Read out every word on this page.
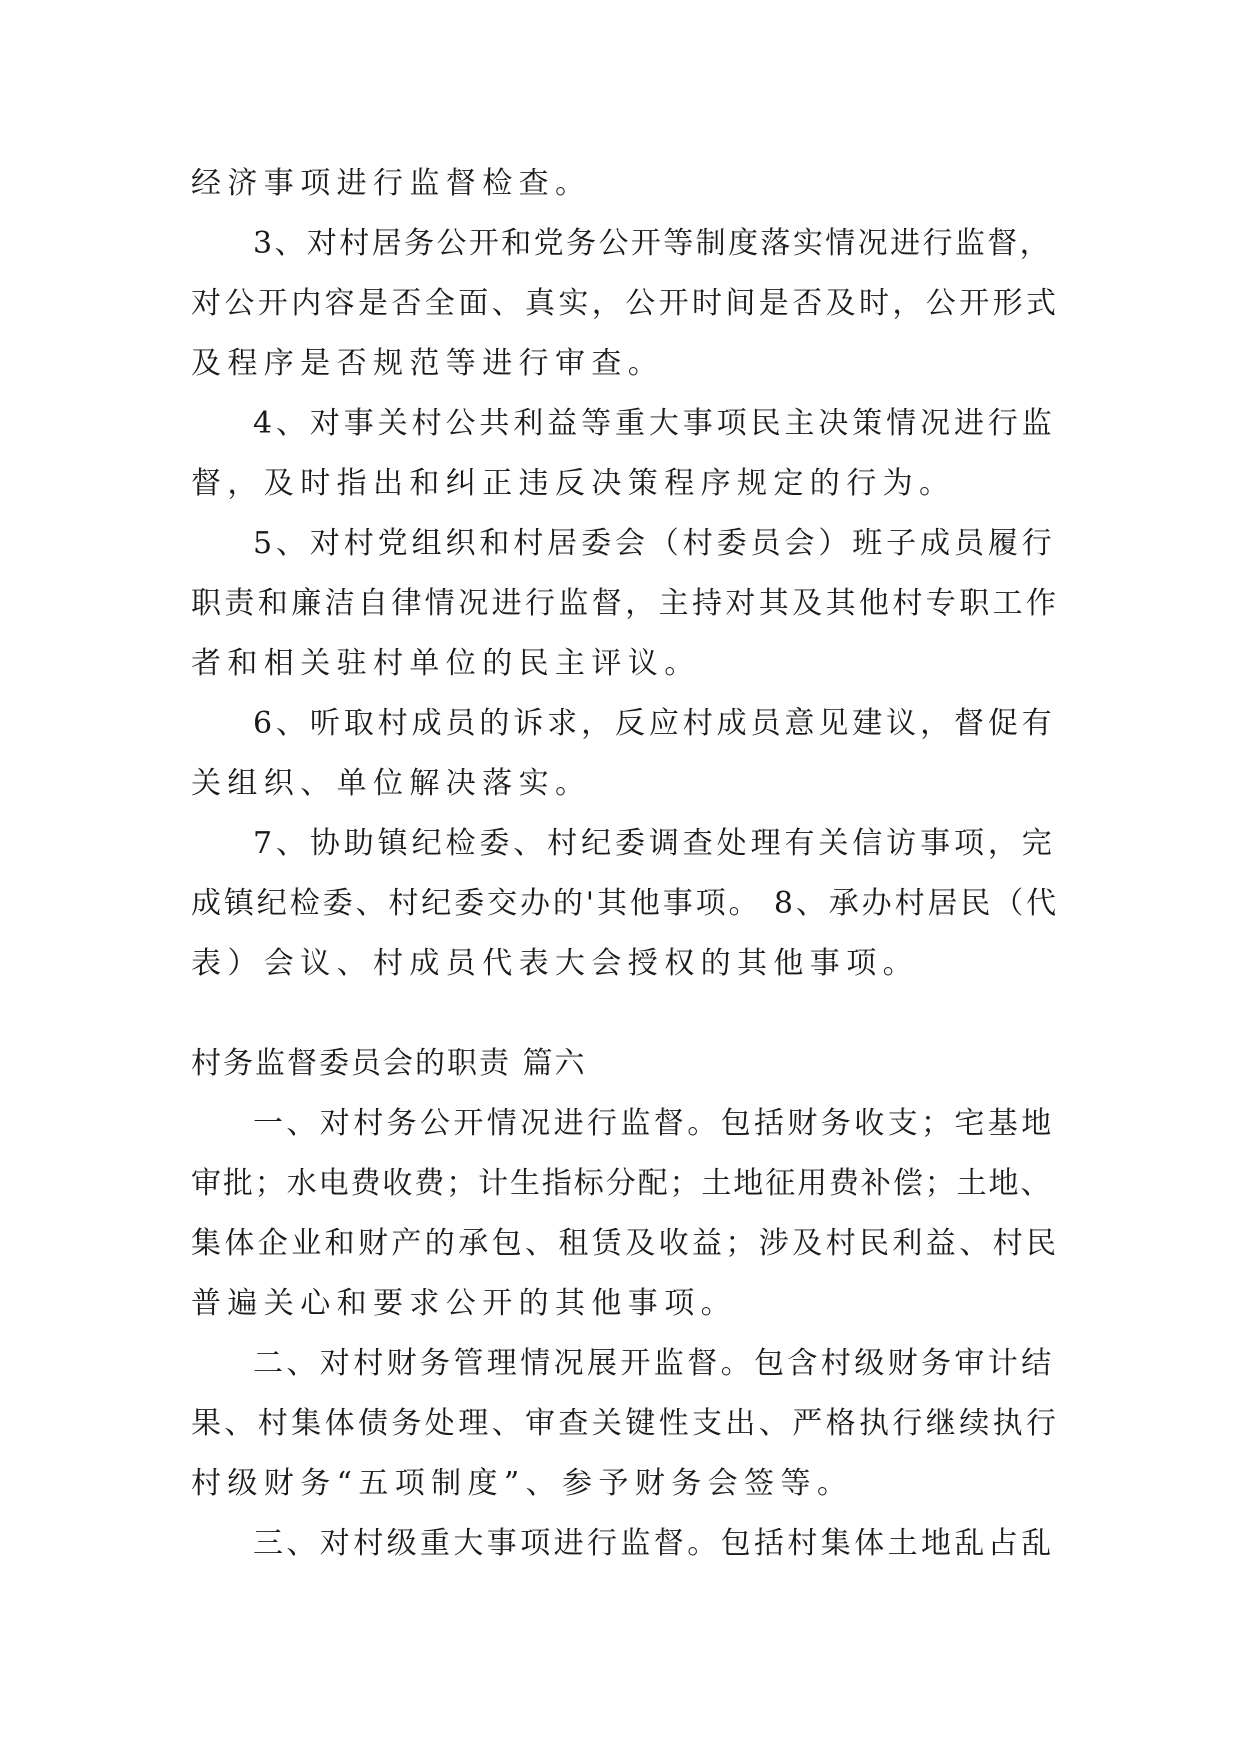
经济事项进行监督检查。
3、对村居务公开和党务公开等制度落实情况进行监督，
对公开内容是否全面、真实，公开时间是否及时，公开形式
及程序是否规范等进行审查。
4、对事关村公共利益等重大事项民主决策情况进行监
督，及时指出和纠正违反决策程序规定的行为。
5、对村党组织和村居委会（村委员会）班子成员履行
职责和廉洁自律情况进行监督，主持对其及其他村专职工作
者和相关驻村单位的民主评议。
6、听取村成员的诉求，反应村成员意见建议，督促有
关组织、单位解决落实。
7、协助镇纪检委、村纪委调查处理有关信访事项，完
成镇纪检委、村纪委交办的'其他事项。 8、承办村居民（代
表）会议、村成员代表大会授权的其他事项。
村务监督委员会的职责 篇六
一、对村务公开情况进行监督。包括财务收支；宅基地
审批；水电费收费；计生指标分配；土地征用费补偿；土地、
集体企业和财产的承包、租赁及收益；涉及村民利益、村民
普遍关心和要求公开的其他事项。
二、对村财务管理情况展开监督。包含村级财务审计结
果、村集体债务处理、审查关键性支出、严格执行继续执行
村级财务“五项制度”、参予财务会签等。
三、对村级重大事项进行监督。包括村集体土地乱占乱
